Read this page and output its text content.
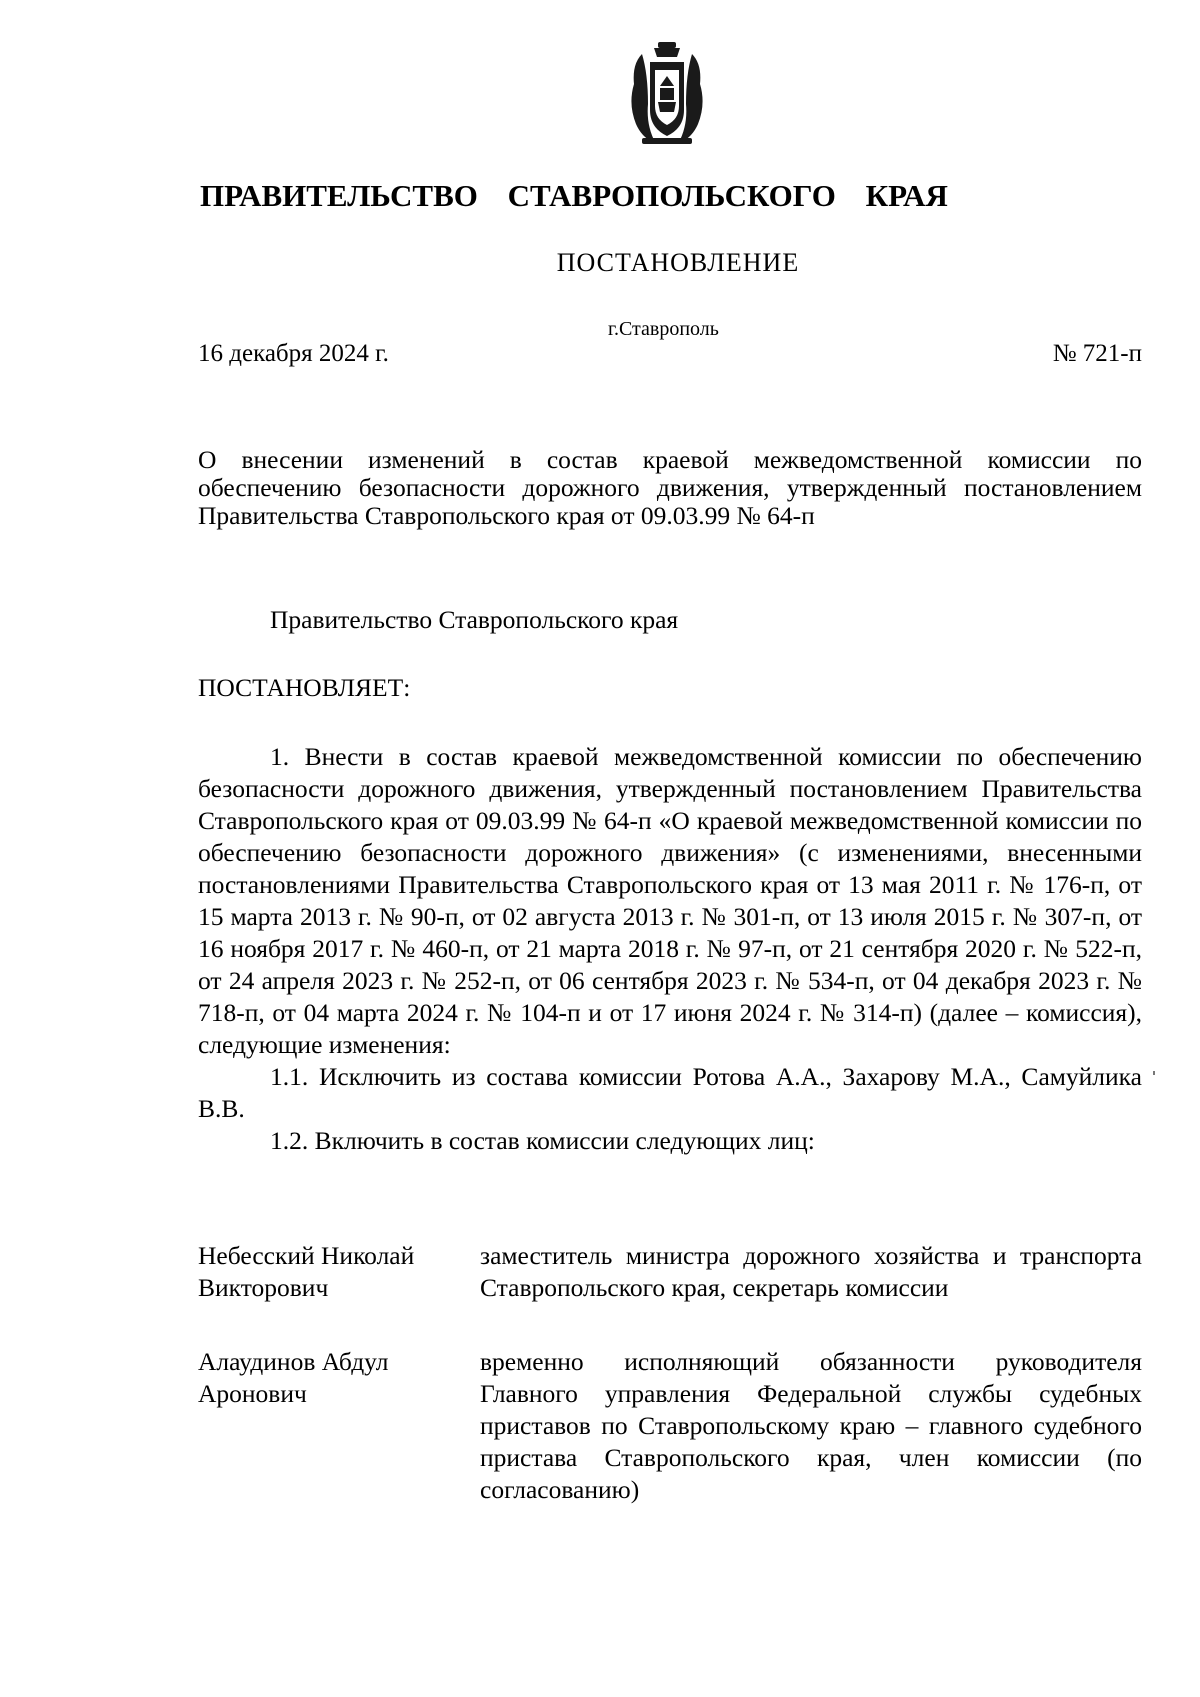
ПРАВИТЕЛЬСТВО СТАВРОПОЛЬСКОГО КРАЯ
ПОСТАНОВЛЕНИЕ
г.Ставрополь
16 декабря 2024 г.	№ 721-п
О внесении изменений в состав краевой межведомственной комиссии по обеспечению безопасности дорожного движения, утвержденный постановлением Правительства Ставропольского края от 09.03.99 № 64-п
Правительство Ставропольского края
ПОСТАНОВЛЯЕТ:

1. Внести в состав краевой межведомственной комиссии по обеспечению безопасности дорожного движения, утвержденный постановлением Правительства Ставропольского края от 09.03.99 № 64-п «О краевой межведомственной комиссии по обеспечению безопасности дорожного движения» (с изменениями, внесенными постановлениями Правительства Ставропольского края от 13 мая 2011 г. № 176-п, от 15 марта 2013 г. № 90-п, от 02 августа 2013 г. № 301-п, от 13 июля 2015 г. № 307-п, от 16 ноября 2017 г. № 460-п, от 21 марта 2018 г. № 97-п, от 21 сентября 2020 г. № 522-п, от 24 апреля 2023 г. № 252-п, от 06 сентября 2023 г. № 534-п, от 04 декабря 2023 г. № 718-п, от 04 марта 2024 г. № 104-п и от 17 июня 2024 г. № 314-п) (далее – комиссия), следующие изменения:

1.1. Исключить из состава комиссии Ротова А.А., Захарову М.А., Самуйлика В.В.

1.2. Включить в состав комиссии следующих лиц:

Небесский Николай Викторович
заместитель министра дорожного хозяйства и транспорта Ставропольского края, секретарь комиссии
Алаудинов Абдул Аронович
временно исполняющий обязанности руководителя Главного управления Федеральной службы судебных приставов по Ставропольскому краю – главного судебного пристава Ставропольского края, член комиссии (по согласованию)
